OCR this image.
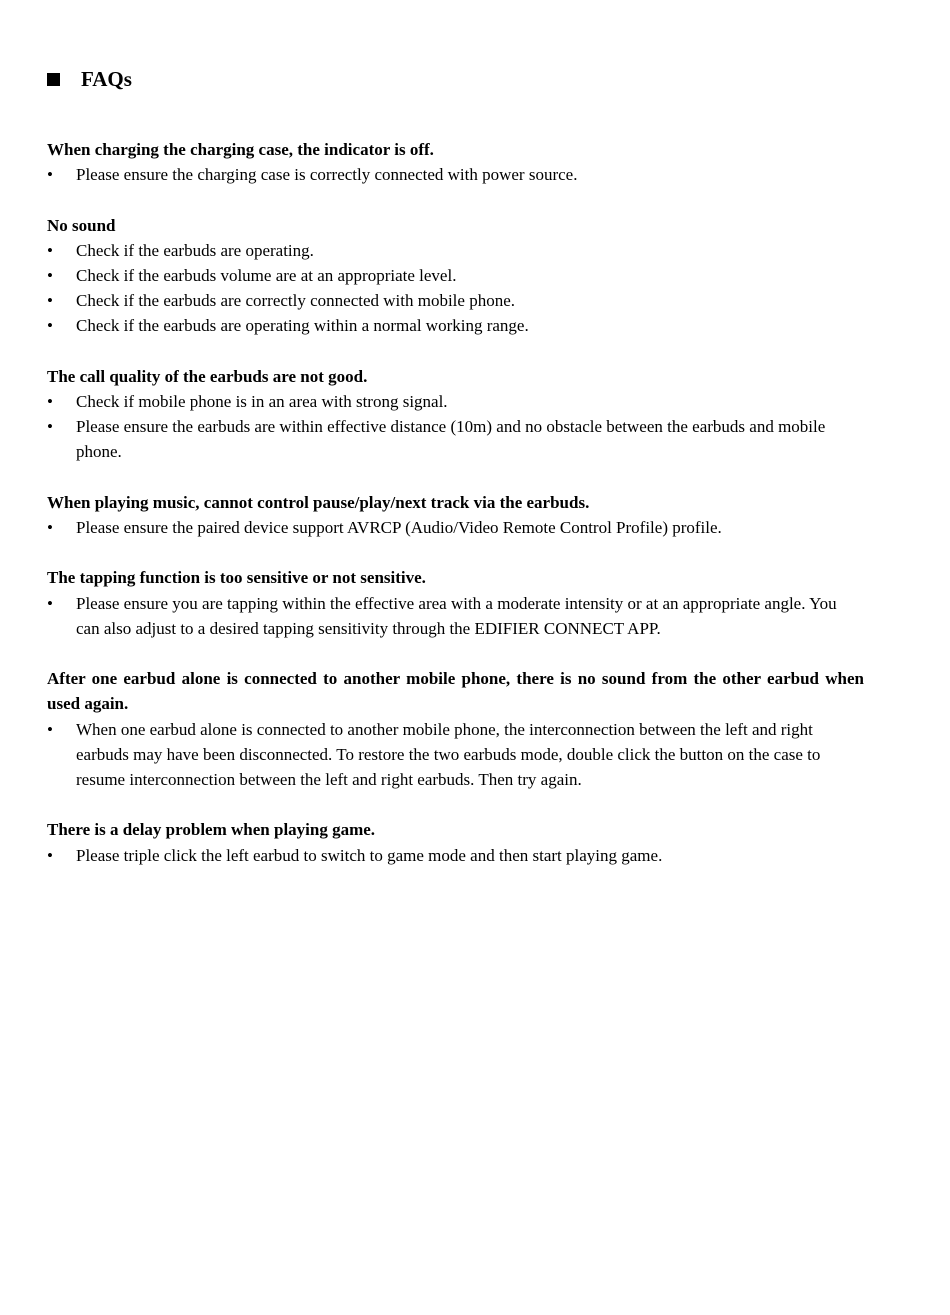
FAQs
When charging the charging case, the indicator is off.
• Please ensure the charging case is correctly connected with power source.
No sound
• Check if the earbuds are operating.
• Check if the earbuds volume are at an appropriate level.
• Check if the earbuds are correctly connected with mobile phone.
• Check if the earbuds are operating within a normal working range.
The call quality of the earbuds are not good.
• Check if mobile phone is in an area with strong signal.
• Please ensure the earbuds are within effective distance (10m) and no obstacle between the earbuds and mobile phone.
When playing music, cannot control pause/play/next track via the earbuds.
• Please ensure the paired device support AVRCP (Audio/Video Remote Control Profile) profile.
The tapping function is too sensitive or not sensitive.
• Please ensure you are tapping within the effective area with a moderate intensity or at an appropriate angle. You can also adjust to a desired tapping sensitivity through the EDIFIER CONNECT APP.
After one earbud alone is connected to another mobile phone, there is no sound from the other earbud when used again.
• When one earbud alone is connected to another mobile phone, the interconnection between the left and right earbuds may have been disconnected. To restore the two earbuds mode, double click the button on the case to resume interconnection between the left and right earbuds. Then try again.
There is a delay problem when playing game.
• Please triple click the left earbud to switch to game mode and then start playing game.
